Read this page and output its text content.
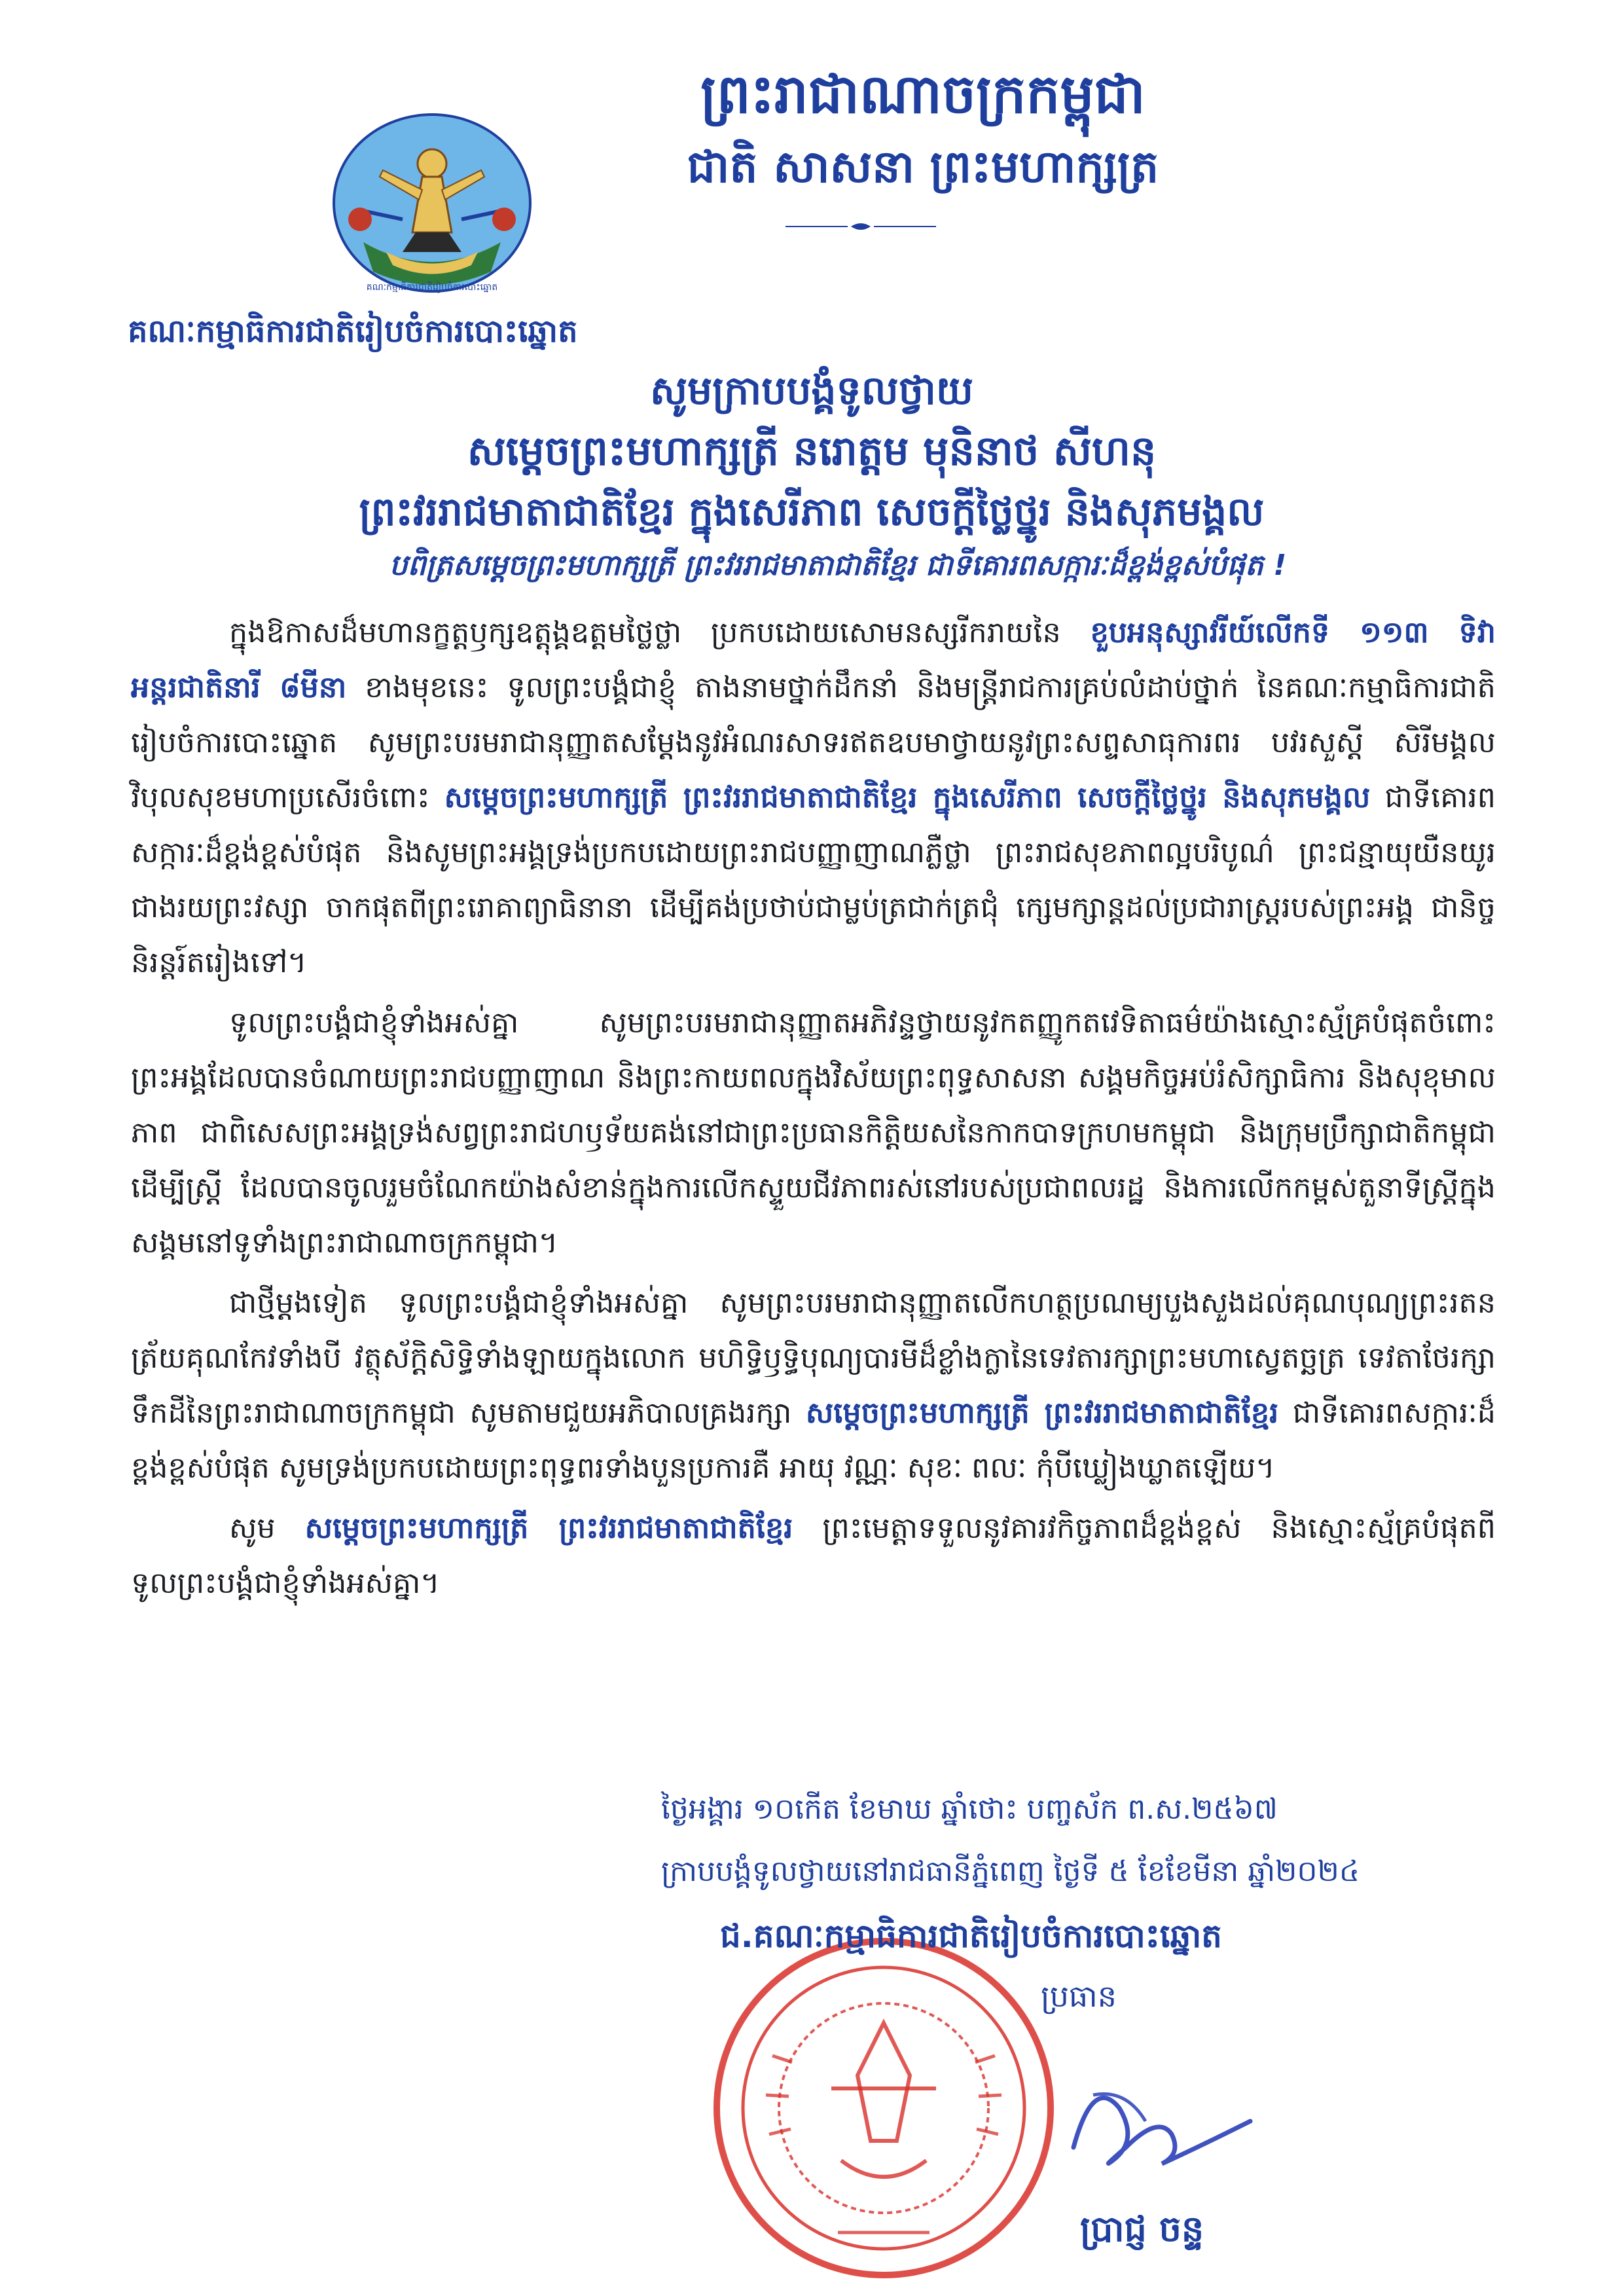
គណៈកម្មាធិការជាតិរៀបចំការបោះឆ្នោត
ព្រះរាជាណាចក្រកម្ពុជា
ជាតិ សាសនា ព្រះមហាក្សត្រ
គណៈកម្មាធិការជាតិរៀបចំការបោះឆ្នោត
សូមក្រាបបង្គំទូលថ្វាយ
សម្តេចព្រះមហាក្សត្រី នរោត្តម មុនិនាថ សីហនុ
ព្រះវររាជមាតាជាតិខ្មែរ ក្នុងសេរីភាព សេចក្តីថ្លៃថ្នូរ និងសុភមង្គល
បពិត្រសម្តេចព្រះមហាក្សត្រី ព្រះវររាជមាតាជាតិខ្មែរ ជាទីគោរពសក្ការៈដ៏ខ្ពង់ខ្ពស់បំផុត !

ក្នុងឱកាសដ៏មហានក្ខត្តឫក្សឧត្តុង្គឧត្តមថ្លៃថ្លា ប្រកបដោយសោមនស្សរីករាយនៃ ខួបអនុស្សាវរីយ៍លើកទី ១១៣ ទិវាអន្តរជាតិនារី ៨មីនា ខាងមុខនេះ ទូលព្រះបង្គំជាខ្ញុំ តាងនាមថ្នាក់ដឹកនាំ និងមន្ត្រីរាជការគ្រប់លំដាប់ថ្នាក់ នៃគណៈកម្មាធិការជាតិរៀបចំការបោះឆ្នោត សូមព្រះបរមរាជានុញ្ញាតសម្តែងនូវអំណរសាទរឥតឧបមាថ្វាយនូវព្រះសព្ទសាធុការពរ បវរសួស្តី សិរីមង្គល វិបុលសុខមហាប្រសើរចំពោះ សម្តេចព្រះមហាក្សត្រី ព្រះវររាជមាតាជាតិខ្មែរ ក្នុងសេរីភាព សេចក្តីថ្លៃថ្នូរ និងសុភមង្គល ជាទីគោរពសក្ការៈដ៏ខ្ពង់ខ្ពស់បំផុត និងសូមព្រះអង្គទ្រង់ប្រកបដោយព្រះរាជបញ្ញាញាណភ្លឺថ្លា ព្រះរាជសុខភាពល្អបរិបូណ៌ ព្រះជន្មាយុយឺនយូរជាងរយព្រះវស្សា ចាកផុតពីព្រះរោគាព្យាធិនានា ដើម្បីគង់ប្រថាប់ជាម្លប់ត្រជាក់ត្រជុំ ក្សេមក្សាន្តដល់ប្រជារាស្ត្ររបស់ព្រះអង្គ ជានិច្ចនិរន្តរ៍តរៀងទៅ។

ទូលព្រះបង្គំជាខ្ញុំទាំងអស់គ្នា សូមព្រះបរមរាជានុញ្ញាតអភិវន្ទថ្វាយនូវកតញ្ញូកតវេទិតាធម៌យ៉ាងស្មោះស្ម័គ្របំផុតចំពោះព្រះអង្គដែលបានចំណាយព្រះរាជបញ្ញាញាណ និងព្រះកាយពលក្នុងវិស័យព្រះពុទ្ធសាសនា សង្គមកិច្ចអប់រំសិក្សាធិការ និងសុខុមាលភាព ជាពិសេសព្រះអង្គទ្រង់សព្វព្រះរាជហឫទ័យគង់នៅជាព្រះប្រធានកិត្តិយសនៃកាកបាទក្រហមកម្ពុជា និងក្រុមប្រឹក្សាជាតិកម្ពុជាដើម្បីស្ត្រី ដែលបានចូលរួមចំណែកយ៉ាងសំខាន់ក្នុងការលើកស្ទួយជីវភាពរស់នៅរបស់ប្រជាពលរដ្ឋ និងការលើកកម្ពស់តួនាទីស្ត្រីក្នុងសង្គមនៅទូទាំងព្រះរាជាណាចក្រកម្ពុជា។

ជាថ្មីម្តងទៀត ទូលព្រះបង្គំជាខ្ញុំទាំងអស់គ្នា សូមព្រះបរមរាជានុញ្ញាតលើកហត្ថប្រណម្យបួងសួងដល់គុណបុណ្យព្រះរតនត្រ័យគុណកែវទាំងបី វត្ថុស័ក្តិសិទ្ធិទាំងឡាយក្នុងលោក មហិទ្ធិឫទ្ធិបុណ្យបារមីដ៏ខ្លាំងក្លានៃទេវតារក្សាព្រះមហាស្វេតច្ឆត្រ ទេវតាថែរក្សាទឹកដីនៃព្រះរាជាណាចក្រកម្ពុជា សូមតាមជួយអភិបាលគ្រងរក្សា សម្តេចព្រះមហាក្សត្រី ព្រះវររាជមាតាជាតិខ្មែរ ជាទីគោរពសក្ការៈដ៏ខ្ពង់ខ្ពស់បំផុត សូមទ្រង់ប្រកបដោយព្រះពុទ្ធពរទាំងបួនប្រការគឺ អាយុ វណ្ណៈ សុខៈ ពលៈ កុំបីឃ្លៀងឃ្លាតឡើយ។

សូម សម្តេចព្រះមហាក្សត្រី ព្រះវររាជមាតាជាតិខ្មែរ ព្រះមេត្តាទទួលនូវគារវកិច្ចភាពដ៏ខ្ពង់ខ្ពស់ និងស្មោះស្ម័គ្របំផុតពីទូលព្រះបង្គំជាខ្ញុំទាំងអស់គ្នា។

ថ្ងៃអង្គារ ១០កើត ខែមាឃ ឆ្នាំថោះ បញ្ចស័ក ព.ស.២៥៦៧
ក្រាបបង្គំទូលថ្វាយនៅរាជធានីភ្នំពេញ ថ្ងៃទី ៥ ខែខែមីនា ឆ្នាំ២០២៤
ជ.គណៈកម្មាធិការជាតិរៀបចំការបោះឆ្នោត
ប្រធាន
ប្រាជ្ញ ចន្ទ
